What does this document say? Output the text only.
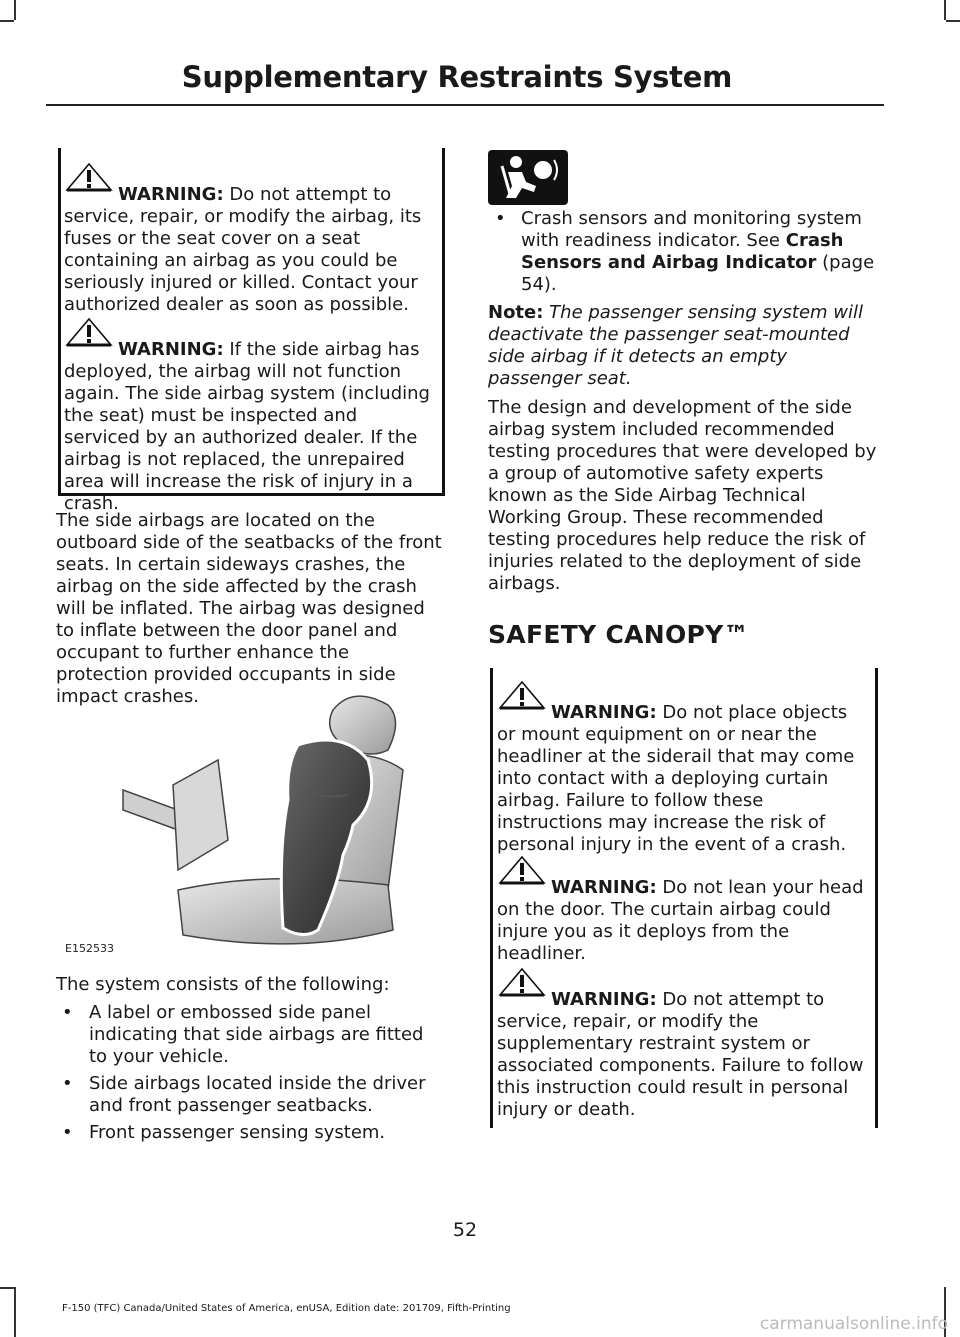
Supplementary Restraints System

WARNING: Do not attempt to service, repair, or modify the airbag, its fuses or the seat cover on a seat containing an airbag as you could be seriously injured or killed. Contact your authorized dealer as soon as possible.

WARNING: If the side airbag has deployed, the airbag will not function again. The side airbag system (including the seat) must be inspected and serviced by an authorized dealer. If the airbag is not replaced, the unrepaired area will increase the risk of injury in a crash.

The side airbags are located on the outboard side of the seatbacks of the front seats. In certain sideways crashes, the airbag on the side affected by the crash will be inflated. The airbag was designed to inflate between the door panel and occupant to further enhance the protection provided occupants in side impact crashes.

E152533

The system consists of the following:

• A label or embossed side panel indicating that side airbags are fitted to your vehicle.

• Side airbags located inside the driver and front passenger seatbacks.

• Front passenger sensing system.

• Crash sensors and monitoring system with readiness indicator. See Crash Sensors and Airbag Indicator (page 54).

Note: The passenger sensing system will deactivate the passenger seat-mounted side airbag if it detects an empty passenger seat.

The design and development of the side airbag system included recommended testing procedures that were developed by a group of automotive safety experts known as the Side Airbag Technical Working Group. These recommended testing procedures help reduce the risk of injuries related to the deployment of side airbags.

SAFETY CANOPY™

WARNING: Do not place objects or mount equipment on or near the headliner at the siderail that may come into contact with a deploying curtain airbag. Failure to follow these instructions may increase the risk of personal injury in the event of a crash.

WARNING: Do not lean your head on the door. The curtain airbag could injure you as it deploys from the headliner.

WARNING: Do not attempt to service, repair, or modify the supplementary restraint system or associated components. Failure to follow this instruction could result in personal injury or death.

52
F-150 (TFC) Canada/United States of America, enUSA, Edition date: 201709, Fifth-Printing
carmanualsonline.info
